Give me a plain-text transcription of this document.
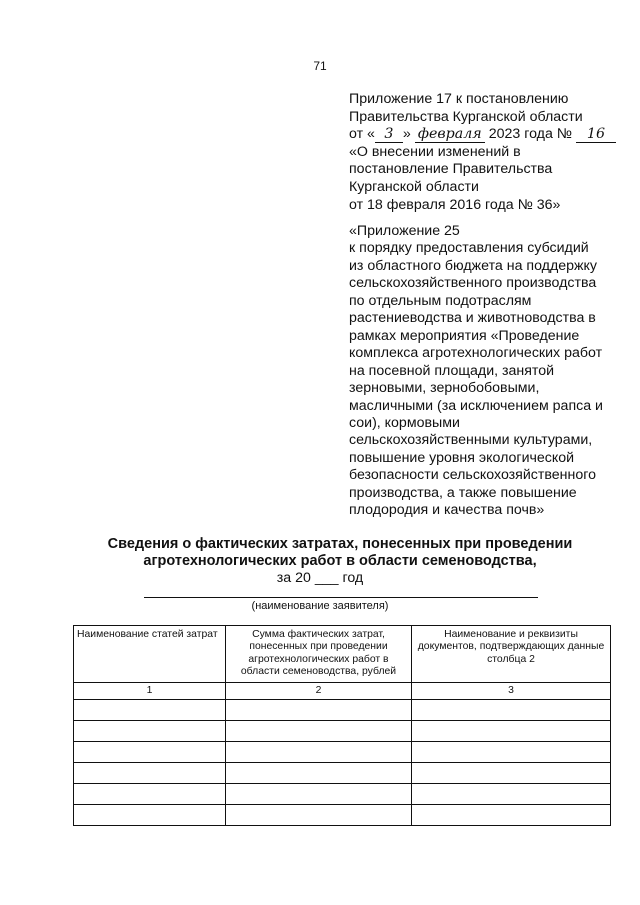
71
Приложение 17 к постановлению
Правительства Курганской области
от « 3 » февраля 2023 года № 16
«О внесении изменений в
постановление Правительства
Курганской области
от 18 февраля 2016 года № 36»
«Приложение 25
к порядку предоставления субсидий
из областного бюджета на поддержку
сельскохозяйственного производства
по отдельным подотраслям
растениеводства и животноводства в
рамках мероприятия «Проведение
комплекса агротехнологических работ
на посевной площади, занятой
зерновыми, зернобобовыми,
масличными (за исключением рапса и
сои), кормовыми
сельскохозяйственными культурами,
повышение уровня экологической
безопасности сельскохозяйственного
производства, а также повышение
плодородия и качества почв»
Сведения о фактических затратах, понесенных при проведении
агротехнологических работ в области семеноводства,
за 20 ___ год
(наименование заявителя)
Наименование статей затрат	Сумма фактических затрат, понесенных при проведении агротехнологических работ в области семеноводства, рублей	Наименование и реквизиты документов, подтверждающих данные столбца 2
1	2	3
